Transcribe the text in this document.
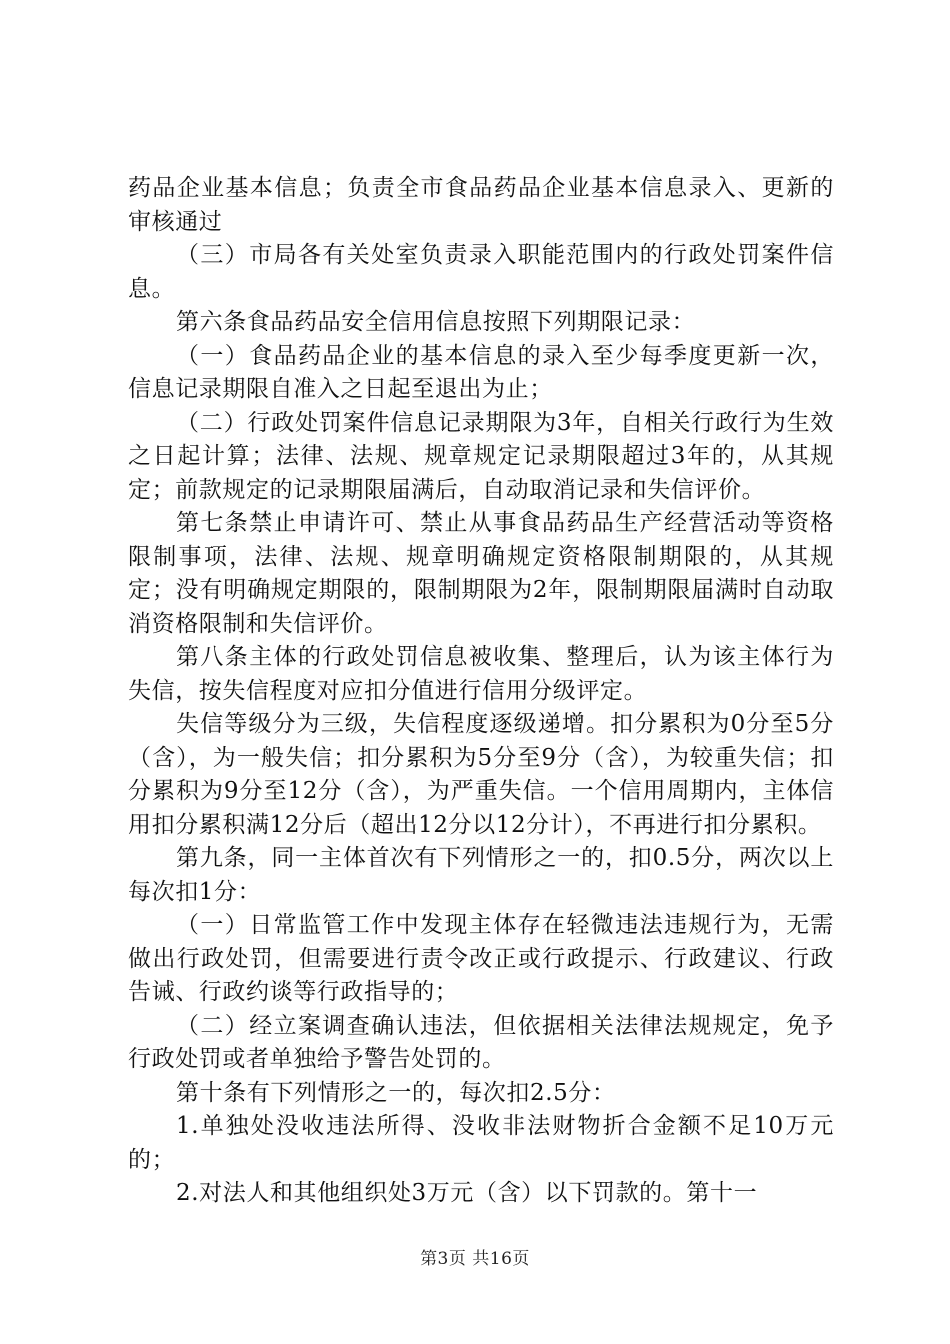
药品企业基本信息；负责全市食品药品企业基本信息录入、更新的审核通过

（三）市局各有关处室负责录入职能范围内的行政处罚案件信息。

第六条食品药品安全信用信息按照下列期限记录：

（一）食品药品企业的基本信息的录入至少每季度更新一次，信息记录期限自准入之日起至退出为止；

（二）行政处罚案件信息记录期限为3年，自相关行政行为生效之日起计算；法律、法规、规章规定记录期限超过3年的，从其规定；前款规定的记录期限届满后，自动取消记录和失信评价。

第七条禁止申请许可、禁止从事食品药品生产经营活动等资格限制事项，法律、法规、规章明确规定资格限制期限的，从其规定；没有明确规定期限的，限制期限为2年，限制期限届满时自动取消资格限制和失信评价。

第八条主体的行政处罚信息被收集、整理后，认为该主体行为失信，按失信程度对应扣分值进行信用分级评定。

失信等级分为三级，失信程度逐级递增。扣分累积为0分至5分（含），为一般失信；扣分累积为5分至9分（含），为较重失信；扣分累积为9分至12分（含），为严重失信。一个信用周期内，主体信用扣分累积满12分后（超出12分以12分计），不再进行扣分累积。

第九条，同一主体首次有下列情形之一的，扣0.5分，两次以上每次扣1分：

（一）日常监管工作中发现主体存在轻微违法违规行为，无需做出行政处罚，但需要进行责令改正或行政提示、行政建议、行政告诫、行政约谈等行政指导的；

（二）经立案调查确认违法，但依据相关法律法规规定，免予行政处罚或者单独给予警告处罚的。

第十条有下列情形之一的，每次扣2.5分：

1.单独处没收违法所得、没收非法财物折合金额不足10万元的；

2.对法人和其他组织处3万元（含）以下罚款的。第十一

第3页 共16页
